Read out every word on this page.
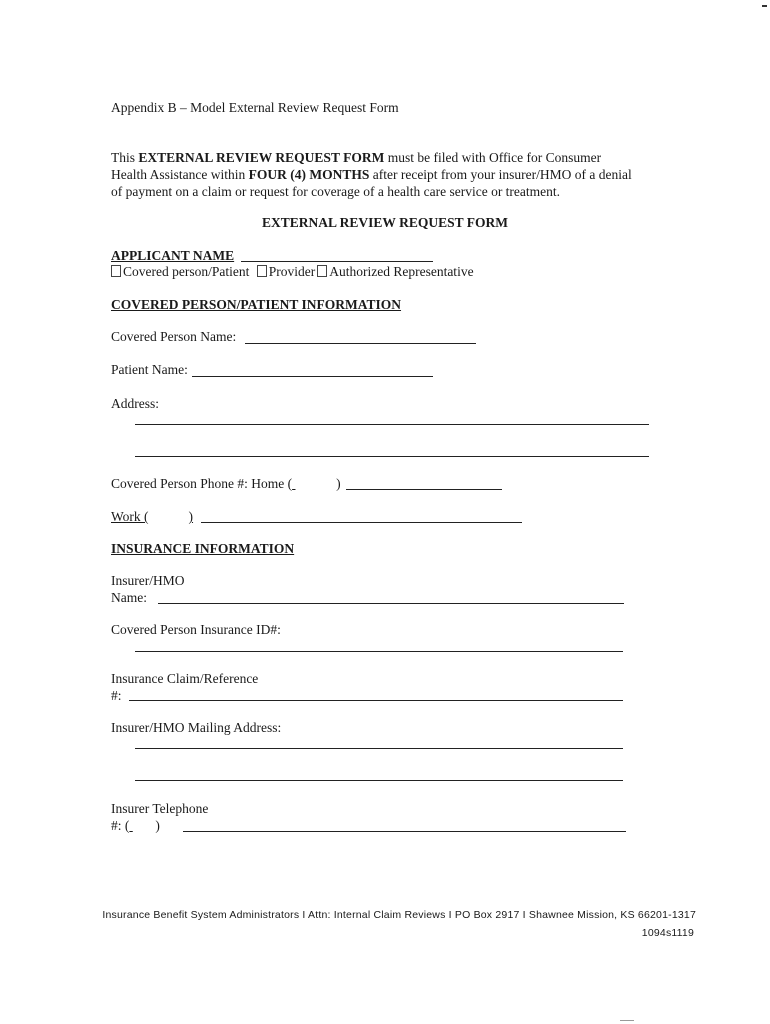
Appendix B – Model External Review Request Form
This EXTERNAL REVIEW REQUEST FORM must be filed with Office for Consumer
Health Assistance within FOUR (4) MONTHS after receipt from your insurer/HMO of a denial
of payment on a claim or request for coverage of a health care service or treatment.
EXTERNAL REVIEW REQUEST FORM
APPLICANT NAME
Covered person/Patient Provider Authorized Representative
COVERED PERSON/PATIENT INFORMATION
Covered Person Name:
Patient Name:
Address:
Covered Person Phone #: Home (	)
Work (	)
INSURANCE INFORMATION
Insurer/HMO
Name:
Covered Person Insurance ID#:
Insurance Claim/Reference
#:
Insurer/HMO Mailing Address:
Insurer Telephone
#: ( )
Insurance Benefit System Administrators I Attn: Internal Claim Reviews I PO Box 2917 I Shawnee Mission, KS 66201-1317
1094s1119
